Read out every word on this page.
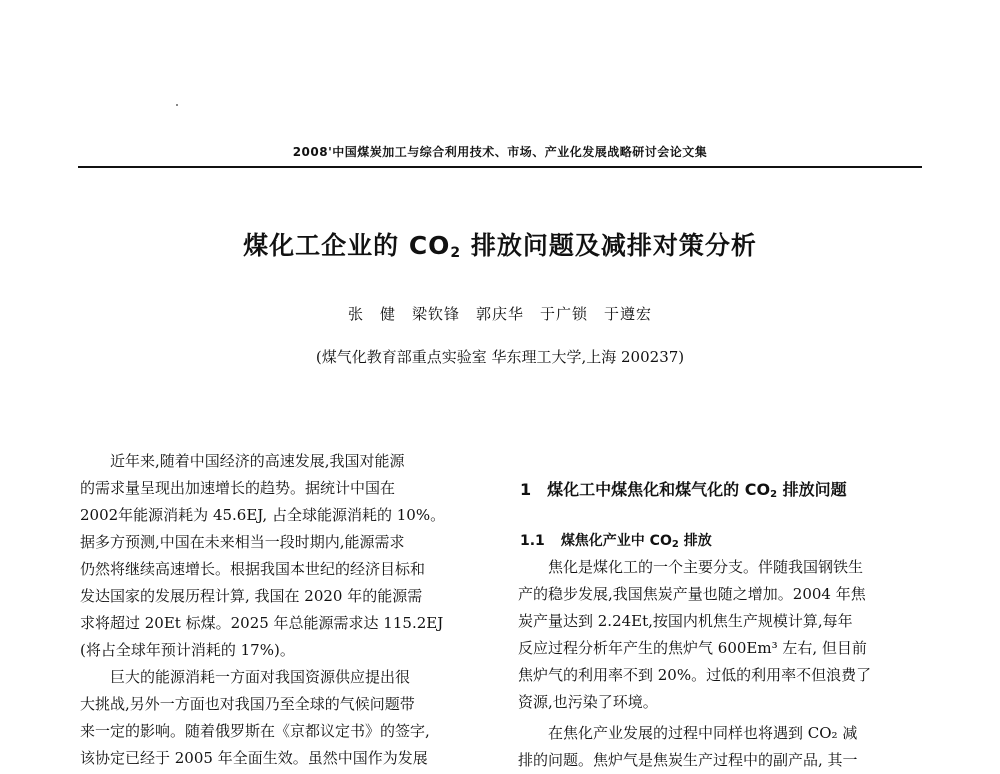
2008'中国煤炭加工与综合利用技术、市场、产业化发展战略研讨会论文集
煤化工企业的 $CO_2$ 排放问题及减排对策分析
张　健　梁钦锋　郭庆华　于广锁　于遵宏
(煤气化教育部重点实验室 华东理工大学,上海 200237)

近年来,随着中国经济的高速发展,我国对能源
的需求量呈现出加速增长的趋势。据统计中国在
2002年能源消耗为 45.6EJ, 占全球能源消耗的 10%。
据多方预测,中国在未来相当一段时期内,能源需求
仍然将继续高速增长。根据我国本世纪的经济目标和
发达国家的发展历程计算, 我国在 2020 年的能源需
求将超过 20Et 标煤。2025 年总能源需求达 115.2EJ
(将占全球年预计消耗的 17%)。

巨大的能源消耗一方面对我国资源供应提出很
大挑战,另外一方面也对我国乃至全球的气候问题带
来一定的影响。随着俄罗斯在《京都议定书》的签字,
该协定已经于 2005 年全面生效。虽然中国作为发展

1 煤化工中煤焦化和煤气化的 $CO_2$ 排放问题
1.1 煤焦化产业中 $CO_2$ 排放

焦化是煤化工的一个主要分支。伴随我国钢铁生
产的稳步发展,我国焦炭产量也随之增加。2004 年焦
炭产量达到 2.24Et,按国内机焦生产规模计算,每年
反应过程分析年产生的焦炉气 600Em³ 左右, 但目前
焦炉气的利用率不到 20%。过低的利用率不但浪费了
资源,也污染了环境。

在焦化产业发展的过程中同样也将遇到 CO₂ 减
排的问题。焦炉气是焦炭生产过程中的副产品, 其一
